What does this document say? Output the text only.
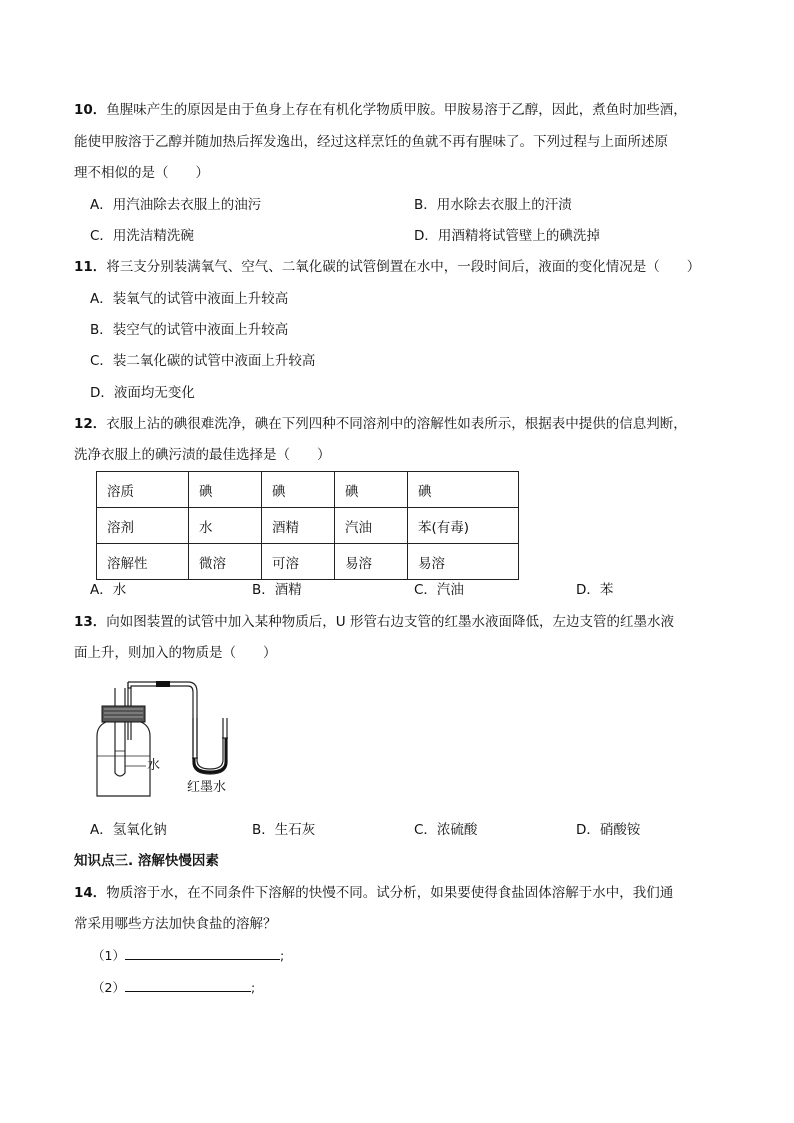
10．鱼腥味产生的原因是由于鱼身上存在有机化学物质甲胺。甲胺易溶于乙醇，因此，煮鱼时加些酒，
能使甲胺溶于乙醇并随加热后挥发逸出，经过这样烹饪的鱼就不再有腥味了。下列过程与上面所述原
理不相似的是（　　）
A．用汽油除去衣服上的油污	B．用水除去衣服上的汗渍
C．用洗洁精洗碗	D．用酒精将试管壁上的碘洗掉
11．将三支分别装满氧气、空气、二氧化碳的试管倒置在水中，一段时间后，液面的变化情况是（　　）
A．装氧气的试管中液面上升较高
B．装空气的试管中液面上升较高
C．装二氧化碳的试管中液面上升较高
D．液面均无变化
12．衣服上沾的碘很难洗净，碘在下列四种不同溶剂中的溶解性如表所示，根据表中提供的信息判断，
洗净衣服上的碘污渍的最佳选择是（　　）
溶质	碘	碘	碘	碘
溶剂	水	酒精	汽油	苯(有毒)
溶解性	微溶	可溶	易溶	易溶
A．水	B．酒精	C．汽油	D．苯
13．向如图装置的试管中加入某种物质后，U 形管右边支管的红墨水液面降低，左边支管的红墨水液
面上升，则加入的物质是（　　）
水
红墨水
A．氢氧化钠	B．生石灰	C．浓硫酸	D．硝酸铵
知识点三. 溶解快慢因素
14．物质溶于水，在不同条件下溶解的快慢不同。试分析，如果要使得食盐固体溶解于水中，我们通
常采用哪些方法加快食盐的溶解？
（1）	;
（2）	;
